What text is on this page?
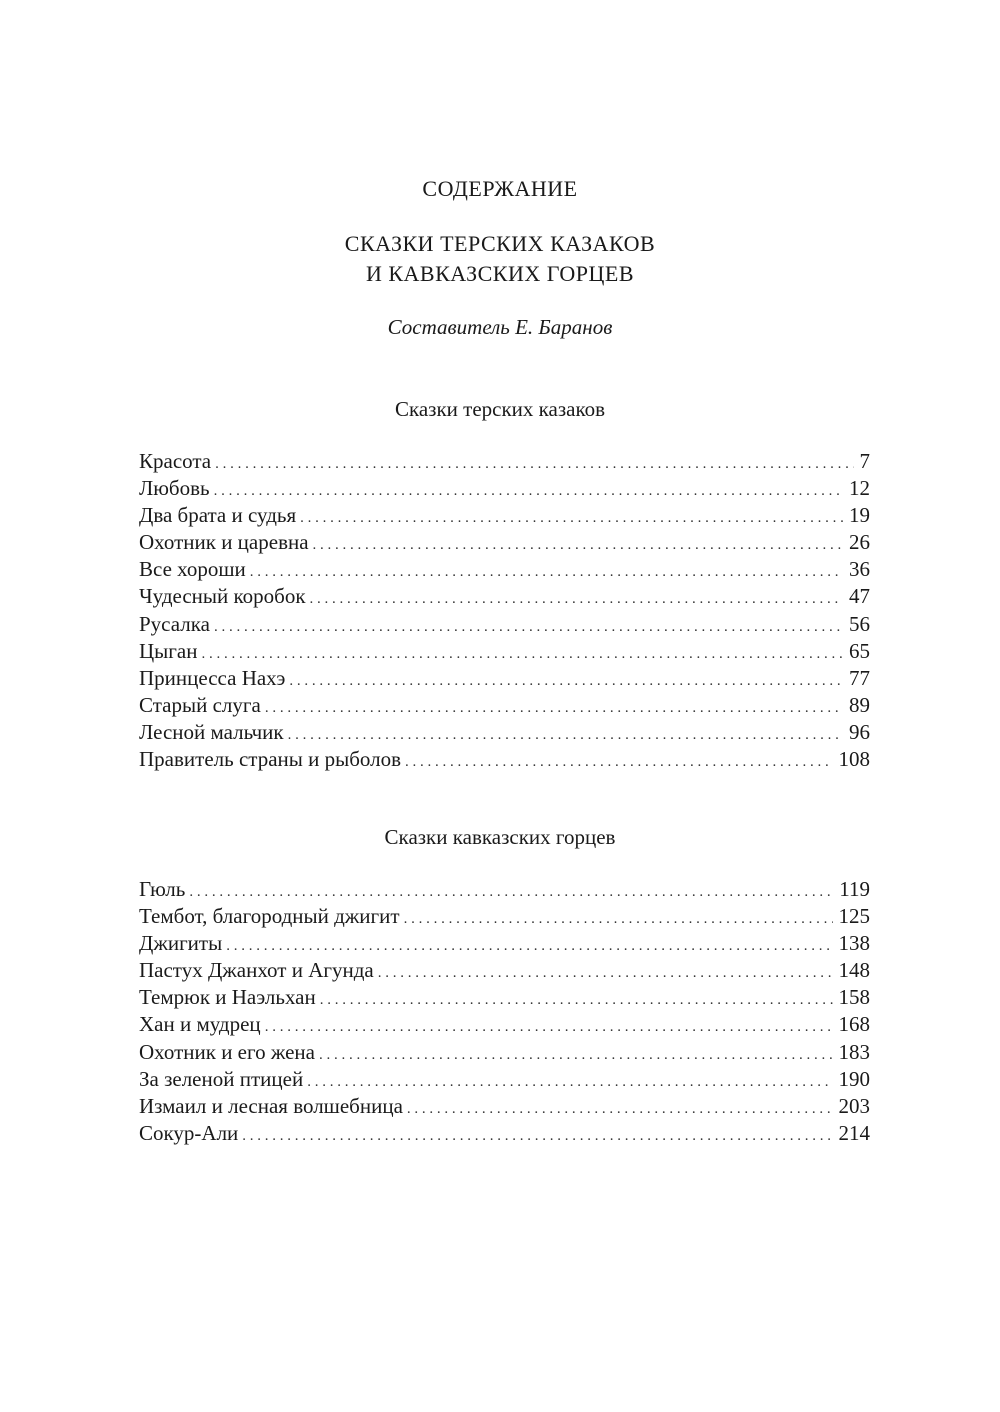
СОДЕРЖАНИЕ
СКАЗКИ ТЕРСКИХ КАЗАКОВ
И КАВКАЗСКИХ ГОРЦЕВ
Составитель Е. Баранов
Сказки терских казаков
Красота . . .	7
Любовь . . .	12
Два брата и судья . . .	19
Охотник и царевна . . .	26
Все хороши . . .	36
Чудесный коробок . . .	47
Русалка . . .	56
Цыган . . .	65
Принцесса Нахэ . . .	77
Старый слуга . . .	89
Лесной мальчик . . .	96
Правитель страны и рыболов . . .	108
Сказки кавказских горцев
Гюль . . .	119
Тембот, благородный джигит . . .	125
Джигиты . . .	138
Пастух Джанхот и Агунда . . .	148
Темрюк и Наэльхан . . .	158
Хан и мудрец . . .	168
Охотник и его жена . . .	183
За зеленой птицей . . .	190
Измаил и лесная волшебница . . .	203
Сокур-Али . . .	214
